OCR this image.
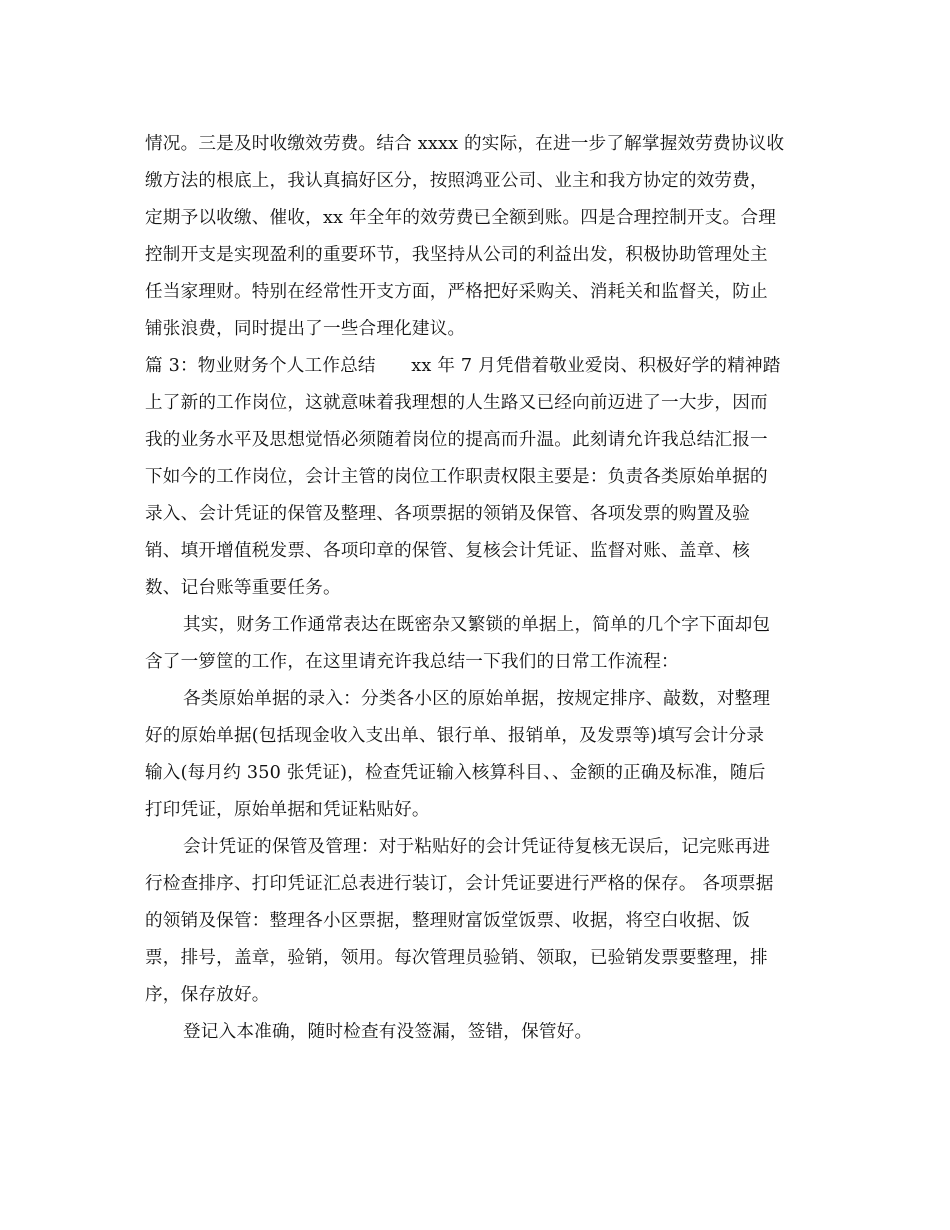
情况。三是及时收缴效劳费。结合 xxxx 的实际，在进一步了解掌握效劳费协议收
缴方法的根底上，我认真搞好区分，按照鸿亚公司、业主和我方协定的效劳费，
定期予以收缴、催收，xx 年全年的效劳费已全额到账。四是合理控制开支。合理
控制开支是实现盈利的重要环节，我坚持从公司的利益出发，积极协助管理处主
任当家理财。特别在经常性开支方面，严格把好采购关、消耗关和监督关，防止
铺张浪费，同时提出了一些合理化建议。
篇 3：物业财务个人工作总结　　xx 年 7 月凭借着敬业爱岗、积极好学的精神踏
上了新的工作岗位，这就意味着我理想的人生路又已经向前迈进了一大步，因而
我的业务水平及思想觉悟必须随着岗位的提高而升温。此刻请允许我总结汇报一
下如今的工作岗位，会计主管的岗位工作职责权限主要是：负责各类原始单据的
录入、会计凭证的保管及整理、各项票据的领销及保管、各项发票的购置及验
销、填开增值税发票、各项印章的保管、复核会计凭证、监督对账、盖章、核
数、记台账等重要任务。
其实，财务工作通常表达在既密杂又繁锁的单据上，简单的几个字下面却包
含了一箩筐的工作，在这里请充许我总结一下我们的日常工作流程：
各类原始单据的录入：分类各小区的原始单据，按规定排序、敲数，对整理
好的原始单据(包括现金收入支出单、银行单、报销单，及发票等)填写会计分录
输入(每月约 350 张凭证)，检查凭证输入核算科目、、金额的正确及标准，随后
打印凭证，原始单据和凭证粘贴好。
会计凭证的保管及管理：对于粘贴好的会计凭证待复核无误后，记完账再进
行检查排序、打印凭证汇总表进行装订，会计凭证要进行严格的保存。 各项票据
的领销及保管：整理各小区票据，整理财富饭堂饭票、收据，将空白收据、饭
票，排号，盖章，验销，领用。每次管理员验销、领取，已验销发票要整理，排
序，保存放好。
登记入本准确，随时检查有没签漏，签错，保管好。
